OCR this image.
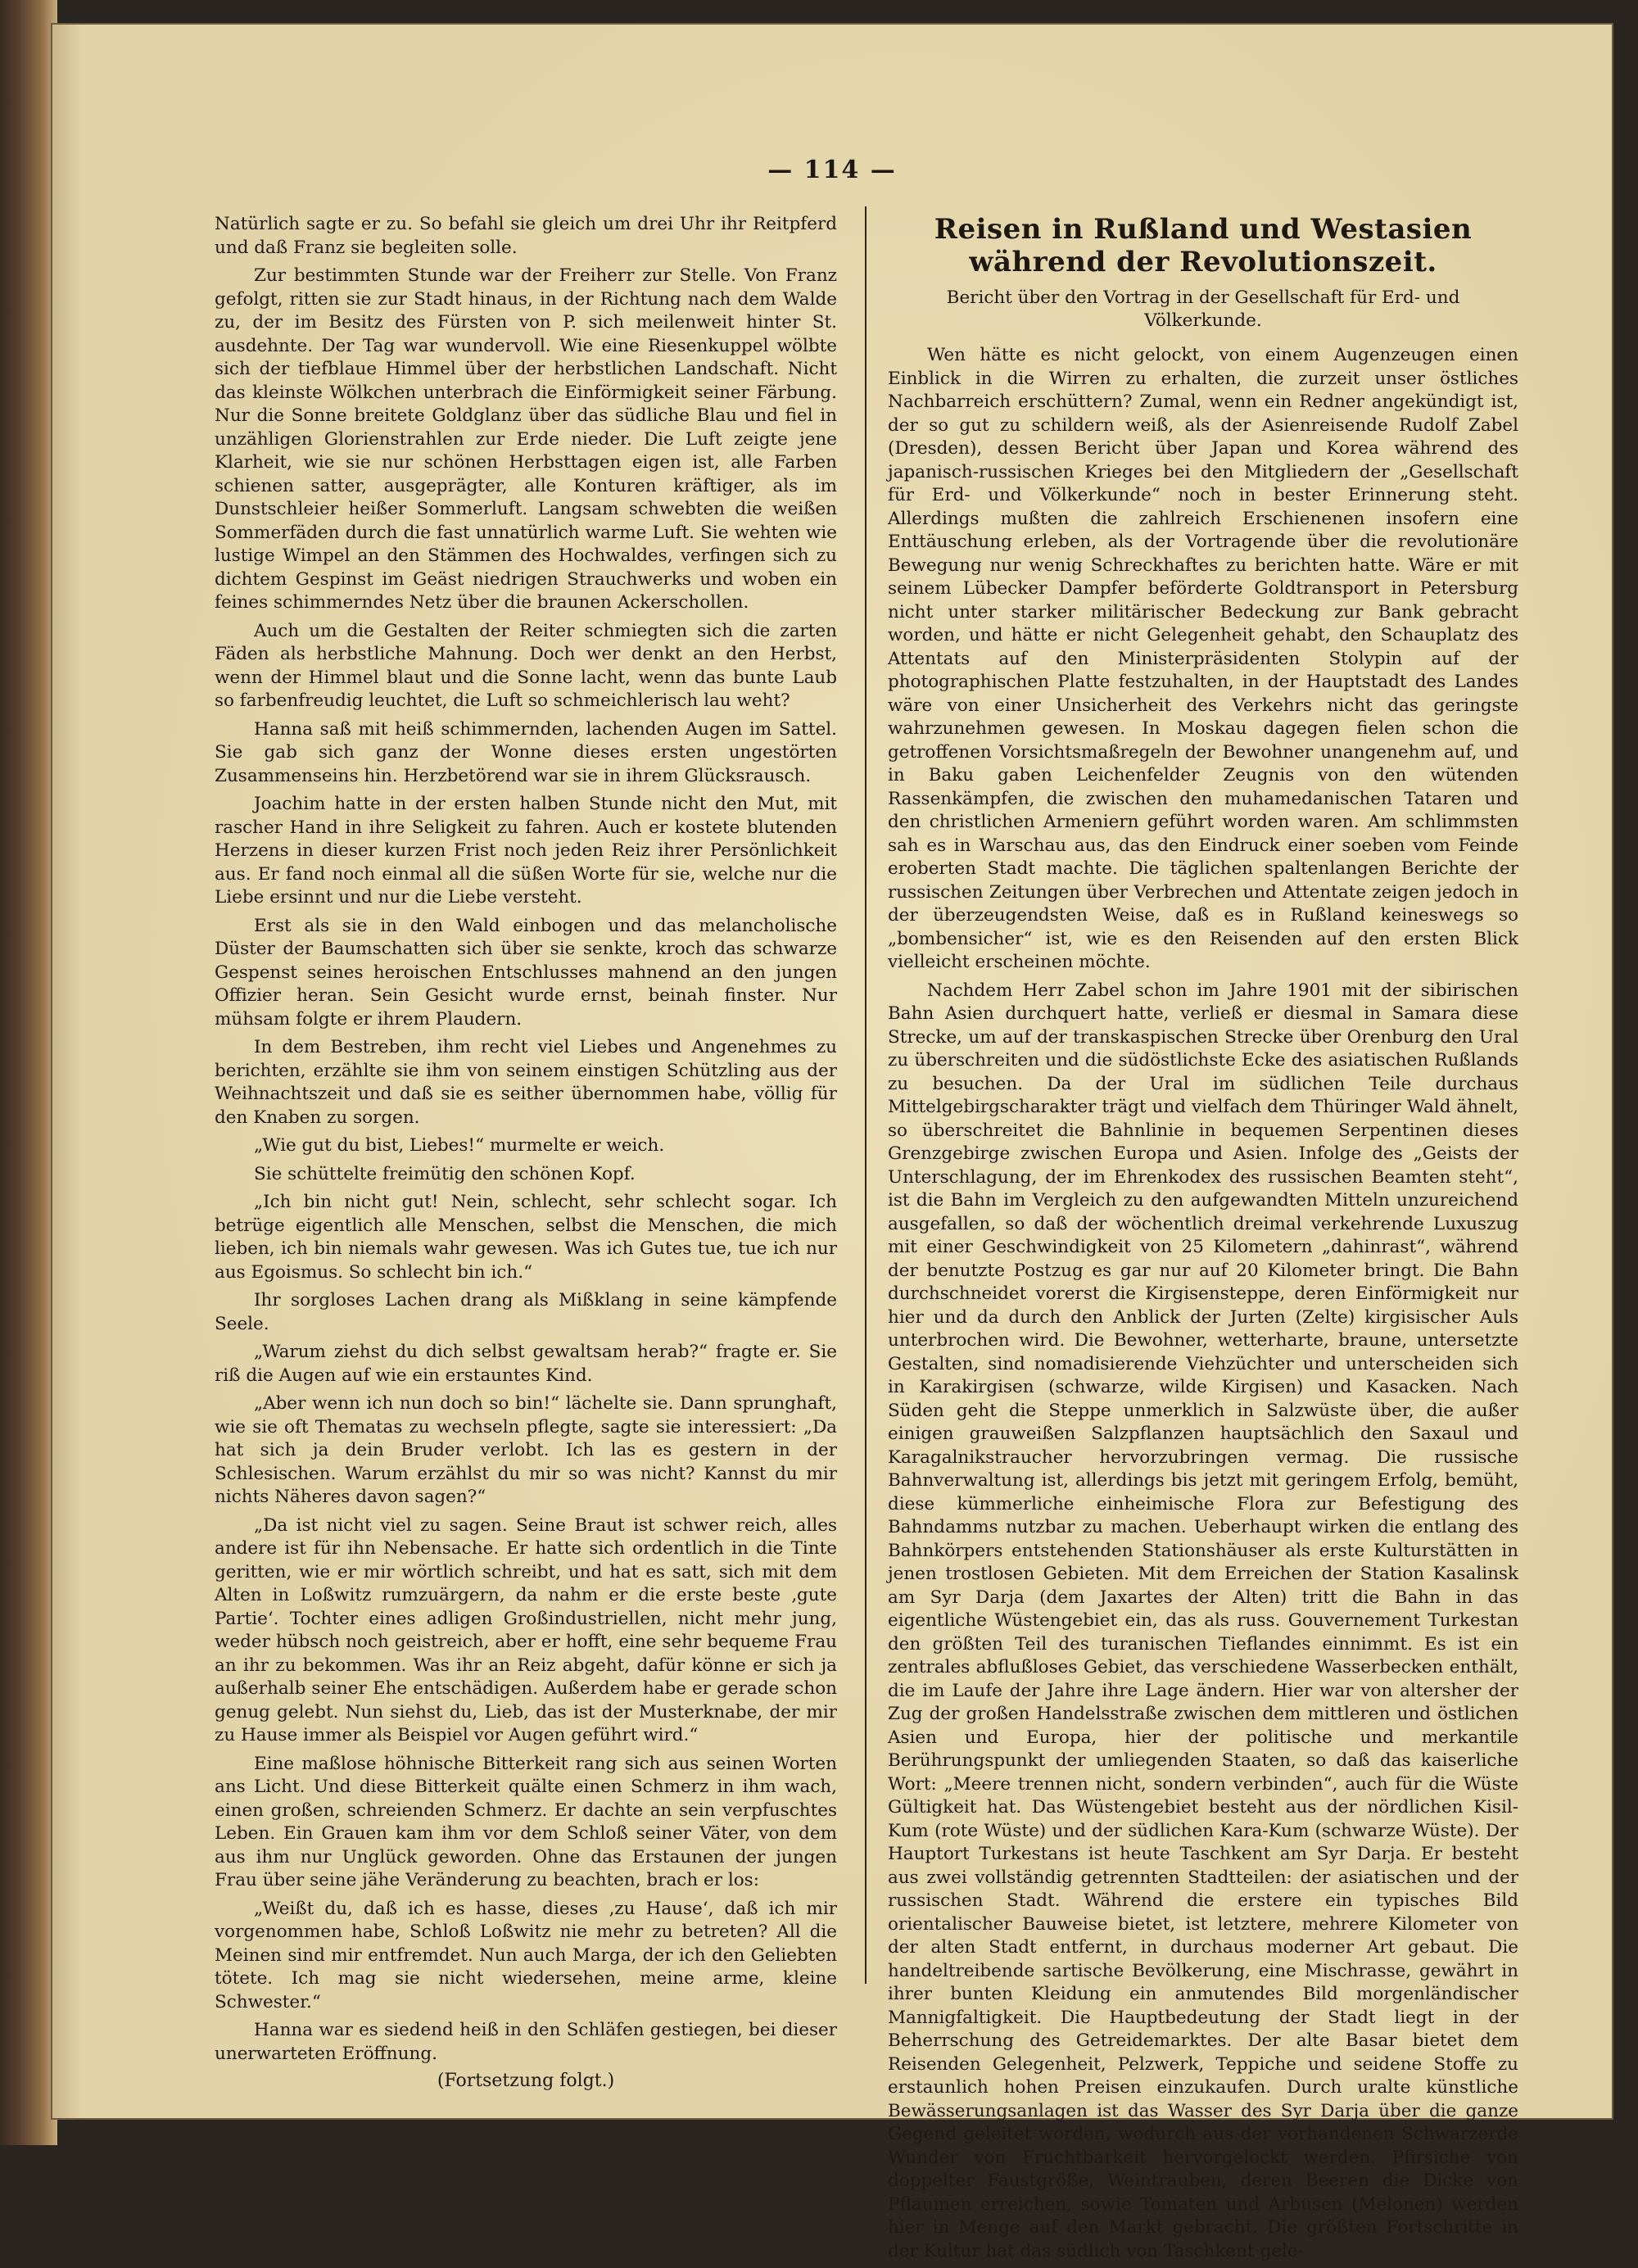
— 114 —

Natürlich sagte er zu. So befahl sie gleich um drei Uhr ihr Reitpferd und daß Franz sie begleiten solle.

Zur bestimmten Stunde war der Freiherr zur Stelle. Von Franz gefolgt, ritten sie zur Stadt hinaus, in der Richtung nach dem Walde zu, der im Besitz des Fürsten von P. sich meilenweit hinter St. ausdehnte. Der Tag war wundervoll. Wie eine Riesenkuppel wölbte sich der tiefblaue Himmel über der herbstlichen Landschaft. Nicht das kleinste Wölkchen unterbrach die Einförmigkeit seiner Färbung. Nur die Sonne breitete Goldglanz über das südliche Blau und fiel in unzähligen Glorienstrahlen zur Erde nieder. Die Luft zeigte jene Klarheit, wie sie nur schönen Herbsttagen eigen ist, alle Farben schienen satter, ausgeprägter, alle Konturen kräftiger, als im Dunstschleier heißer Sommerluft. Langsam schwebten die weißen Sommerfäden durch die fast unnatürlich warme Luft. Sie wehten wie lustige Wimpel an den Stämmen des Hochwaldes, verfingen sich zu dichtem Gespinst im Geäst niedrigen Strauchwerks und woben ein feines schimmerndes Netz über die braunen Ackerschollen.

Auch um die Gestalten der Reiter schmiegten sich die zarten Fäden als herbstliche Mahnung. Doch wer denkt an den Herbst, wenn der Himmel blaut und die Sonne lacht, wenn das bunte Laub so farbenfreudig leuchtet, die Luft so schmeichlerisch lau weht?

Hanna saß mit heiß schimmernden, lachenden Augen im Sattel. Sie gab sich ganz der Wonne dieses ersten ungestörten Zusammenseins hin. Herzbetörend war sie in ihrem Glücksrausch.

Joachim hatte in der ersten halben Stunde nicht den Mut, mit rascher Hand in ihre Seligkeit zu fahren. Auch er kostete blutenden Herzens in dieser kurzen Frist noch jeden Reiz ihrer Persönlichkeit aus. Er fand noch einmal all die süßen Worte für sie, welche nur die Liebe ersinnt und nur die Liebe versteht.

Erst als sie in den Wald einbogen und das melancholische Düster der Baumschatten sich über sie senkte, kroch das schwarze Gespenst seines heroischen Entschlusses mahnend an den jungen Offizier heran. Sein Gesicht wurde ernst, beinah finster. Nur mühsam folgte er ihrem Plaudern.

In dem Bestreben, ihm recht viel Liebes und Angenehmes zu berichten, erzählte sie ihm von seinem einstigen Schützling aus der Weihnachtszeit und daß sie es seither übernommen habe, völlig für den Knaben zu sorgen.

„Wie gut du bist, Liebes!“ murmelte er weich.

Sie schüttelte freimütig den schönen Kopf.

„Ich bin nicht gut! Nein, schlecht, sehr schlecht sogar. Ich betrüge eigentlich alle Menschen, selbst die Menschen, die mich lieben, ich bin niemals wahr gewesen. Was ich Gutes tue, tue ich nur aus Egoismus. So schlecht bin ich.“

Ihr sorgloses Lachen drang als Mißklang in seine kämpfende Seele.

„Warum ziehst du dich selbst gewaltsam herab?“ fragte er. Sie riß die Augen auf wie ein erstauntes Kind.

„Aber wenn ich nun doch so bin!“ lächelte sie. Dann sprunghaft, wie sie oft Thematas zu wechseln pflegte, sagte sie interessiert: „Da hat sich ja dein Bruder verlobt. Ich las es gestern in der Schlesischen. Warum erzählst du mir so was nicht? Kannst du mir nichts Näheres davon sagen?“

„Da ist nicht viel zu sagen. Seine Braut ist schwer reich, alles andere ist für ihn Nebensache. Er hatte sich ordentlich in die Tinte geritten, wie er mir wörtlich schreibt, und hat es satt, sich mit dem Alten in Loßwitz rumzuärgern, da nahm er die erste beste ‚gute Partie‘. Tochter eines adligen Großindustriellen, nicht mehr jung, weder hübsch noch geistreich, aber er hofft, eine sehr bequeme Frau an ihr zu bekommen. Was ihr an Reiz abgeht, dafür könne er sich ja außerhalb seiner Ehe entschädigen. Außerdem habe er gerade schon genug gelebt. Nun siehst du, Lieb, das ist der Musterknabe, der mir zu Hause immer als Beispiel vor Augen geführt wird.“

Eine maßlose höhnische Bitterkeit rang sich aus seinen Worten ans Licht. Und diese Bitterkeit quälte einen Schmerz in ihm wach, einen großen, schreienden Schmerz. Er dachte an sein verpfuschtes Leben. Ein Grauen kam ihm vor dem Schloß seiner Väter, von dem aus ihm nur Unglück geworden. Ohne das Erstaunen der jungen Frau über seine jähe Veränderung zu beachten, brach er los:

„Weißt du, daß ich es hasse, dieses ‚zu Hause‘, daß ich mir vorgenommen habe, Schloß Loßwitz nie mehr zu betreten? All die Meinen sind mir entfremdet. Nun auch Marga, der ich den Geliebten tötete. Ich mag sie nicht wiedersehen, meine arme, kleine Schwester.“

Hanna war es siedend heiß in den Schläfen gestiegen, bei dieser unerwarteten Eröffnung.

(Fortsetzung folgt.)

Reisen in Rußland und Westasien während der Revolutionszeit.

Bericht über den Vortrag in der Gesellschaft für Erd- und Völkerkunde.

Wen hätte es nicht gelockt, von einem Augenzeugen einen Einblick in die Wirren zu erhalten, die zurzeit unser östliches Nachbarreich erschüttern? Zumal, wenn ein Redner angekündigt ist, der so gut zu schildern weiß, als der Asienreisende Rudolf Zabel (Dresden), dessen Bericht über Japan und Korea während des japanisch-russischen Krieges bei den Mitgliedern der „Gesellschaft für Erd- und Völkerkunde“ noch in bester Erinnerung steht. Allerdings mußten die zahlreich Erschienenen insofern eine Enttäuschung erleben, als der Vortragende über die revolutionäre Bewegung nur wenig Schreckhaftes zu berichten hatte. Wäre er mit seinem Lübecker Dampfer beförderte Goldtransport in Petersburg nicht unter starker militärischer Bedeckung zur Bank gebracht worden, und hätte er nicht Gelegenheit gehabt, den Schauplatz des Attentats auf den Ministerpräsidenten Stolypin auf der photographischen Platte festzuhalten, in der Hauptstadt des Landes wäre von einer Unsicherheit des Verkehrs nicht das geringste wahrzunehmen gewesen. In Moskau dagegen fielen schon die getroffenen Vorsichtsmaßregeln der Bewohner unangenehm auf, und in Baku gaben Leichenfelder Zeugnis von den wütenden Rassenkämpfen, die zwischen den muhamedanischen Tataren und den christlichen Armeniern geführt worden waren. Am schlimmsten sah es in Warschau aus, das den Eindruck einer soeben vom Feinde eroberten Stadt machte. Die täglichen spaltenlangen Berichte der russischen Zeitungen über Verbrechen und Attentate zeigen jedoch in der überzeugendsten Weise, daß es in Rußland keineswegs so „bombensicher“ ist, wie es den Reisenden auf den ersten Blick vielleicht erscheinen möchte.

Nachdem Herr Zabel schon im Jahre 1901 mit der sibirischen Bahn Asien durchquert hatte, verließ er diesmal in Samara diese Strecke, um auf der transkaspischen Strecke über Orenburg den Ural zu überschreiten und die südöstlichste Ecke des asiatischen Rußlands zu besuchen. Da der Ural im südlichen Teile durchaus Mittelgebirgscharakter trägt und vielfach dem Thüringer Wald ähnelt, so überschreitet die Bahnlinie in bequemen Serpentinen dieses Grenzgebirge zwischen Europa und Asien. Infolge des „Geists der Unterschlagung, der im Ehrenkodex des russischen Beamten steht“, ist die Bahn im Vergleich zu den aufgewandten Mitteln unzureichend ausgefallen, so daß der wöchentlich dreimal verkehrende Luxuszug mit einer Geschwindigkeit von 25 Kilometern „dahinrast“, während der benutzte Postzug es gar nur auf 20 Kilometer bringt. Die Bahn durchschneidet vorerst die Kirgisensteppe, deren Einförmigkeit nur hier und da durch den Anblick der Jurten (Zelte) kirgisischer Auls unterbrochen wird. Die Bewohner, wetterharte, braune, untersetzte Gestalten, sind nomadisierende Viehzüchter und unterscheiden sich in Karakirgisen (schwarze, wilde Kirgisen) und Kasacken. Nach Süden geht die Steppe unmerklich in Salzwüste über, die außer einigen grauweißen Salzpflanzen hauptsächlich den Saxaul und Karagalnikstraucher hervorzubringen vermag. Die russische Bahnverwaltung ist, allerdings bis jetzt mit geringem Erfolg, bemüht, diese kümmerliche einheimische Flora zur Befestigung des Bahndamms nutzbar zu machen. Ueberhaupt wirken die entlang des Bahnkörpers entstehenden Stationshäuser als erste Kulturstätten in jenen trostlosen Gebieten. Mit dem Erreichen der Station Kasalinsk am Syr Darja (dem Jaxartes der Alten) tritt die Bahn in das eigentliche Wüstengebiet ein, das als russ. Gouvernement Turkestan den größten Teil des turanischen Tieflandes einnimmt. Es ist ein zentrales abflußloses Gebiet, das verschiedene Wasserbecken enthält, die im Laufe der Jahre ihre Lage ändern. Hier war von altersher der Zug der großen Handelsstraße zwischen dem mittleren und östlichen Asien und Europa, hier der politische und merkantile Berührungspunkt der umliegenden Staaten, so daß das kaiserliche Wort: „Meere trennen nicht, sondern verbinden“, auch für die Wüste Gültigkeit hat. Das Wüstengebiet besteht aus der nördlichen Kisil-Kum (rote Wüste) und der südlichen Kara-Kum (schwarze Wüste). Der Hauptort Turkestans ist heute Taschkent am Syr Darja. Er besteht aus zwei vollständig getrennten Stadtteilen: der asiatischen und der russischen Stadt. Während die erstere ein typisches Bild orientalischer Bauweise bietet, ist letztere, mehrere Kilometer von der alten Stadt entfernt, in durchaus moderner Art gebaut. Die handeltreibende sartische Bevölkerung, eine Mischrasse, gewährt in ihrer bunten Kleidung ein anmutendes Bild morgenländischer Mannigfaltigkeit. Die Hauptbedeutung der Stadt liegt in der Beherrschung des Getreidemarktes. Der alte Basar bietet dem Reisenden Gelegenheit, Pelzwerk, Teppiche und seidene Stoffe zu erstaunlich hohen Preisen einzukaufen. Durch uralte künstliche Bewässerungsanlagen ist das Wasser des Syr Darja über die ganze Gegend geleitet worden, wodurch aus der vorhandenen Schwarzerde Wunder von Fruchtbarkeit hervorgelockt werden. Pfirsiche von doppelter Faustgröße, Weintrauben, deren Beeren die Dicke von Pflaumen erreichen, sowie Tomaten und Arbusen (Melonen) werden hier in Menge auf den Markt gebracht. Die größten Fortschritte in der Kultur hat das südlich von Taschkent gele-
